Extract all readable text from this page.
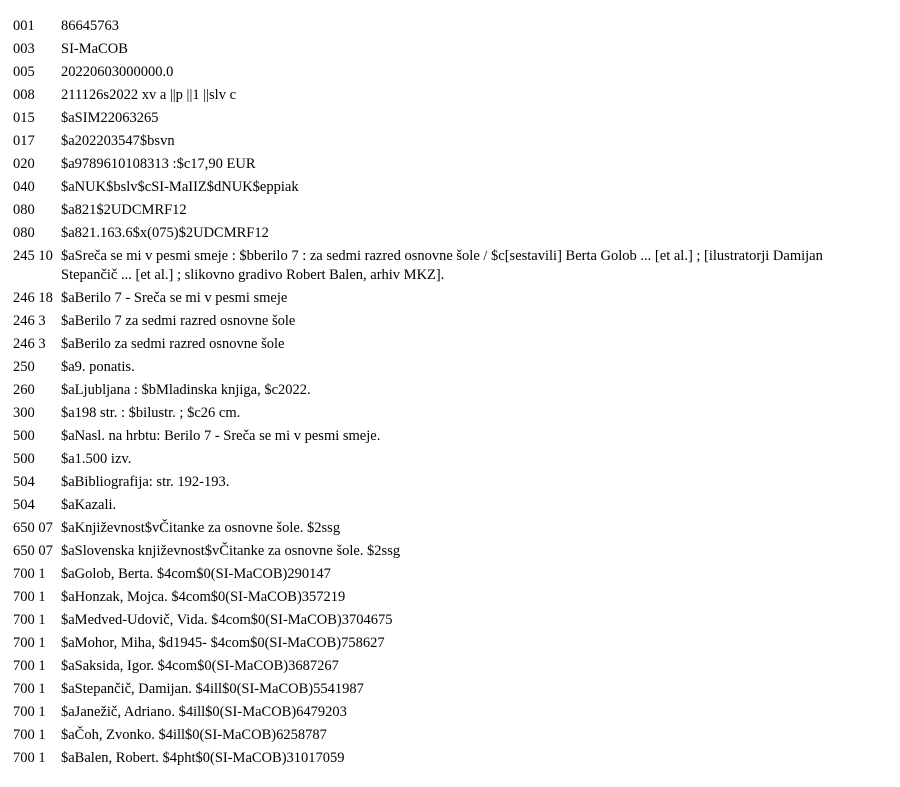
001	86645763
003	SI-MaCOB
005	20220603000000.0
008	211126s2022 xv a ||p ||1 ||slv c
015	$aSIM22063265
017	$a202203547$bsvn
020	$a9789610108313 :$c17,90 EUR
040	$aNUK$bslv$cSI-MaIIZ$dNUK$eppiak
080	$a821$2UDCMRF12
080	$a821.163.6$x(075)$2UDCMRF12
245 10 $aSreča se mi v pesmi smeje : $bberilo 7 : za sedmi razred osnovne šole / $c[sestavili] Berta Golob ... [et al.] ; [ilustratorji Damijan Stepančič ... [et al.] ; slikovno gradivo Robert Balen, arhiv MKZ].
246 18 $aBerilo 7 - Sreča se mi v pesmi smeje
246 3	$aBerilo 7 za sedmi razred osnovne šole
246 3	$aBerilo za sedmi razred osnovne šole
250	$a9. ponatis.
260	$aLjubljana : $bMladinska knjiga, $c2022.
300	$a198 str. : $bilustr. ; $c26 cm.
500	$aNasl. na hrbtu: Berilo 7 - Sreča se mi v pesmi smeje.
500	$a1.500 izv.
504	$aBibliografija: str. 192-193.
504	$aKazali.
650 07 $aKnjiževnost$vČitanke za osnovne šole. $2ssg
650 07 $aSlovenska književnost$vČitanke za osnovne šole. $2ssg
700 1	$aGolob, Berta. $4com$0(SI-MaCOB)290147
700 1	$aHonzak, Mojca. $4com$0(SI-MaCOB)357219
700 1	$aMedved-Udovič, Vida. $4com$0(SI-MaCOB)3704675
700 1	$aMohor, Miha, $d1945- $4com$0(SI-MaCOB)758627
700 1	$aSaksida, Igor. $4com$0(SI-MaCOB)3687267
700 1	$aStepančič, Damijan. $4ill$0(SI-MaCOB)5541987
700 1	$aJanežič, Adriano. $4ill$0(SI-MaCOB)6479203
700 1	$aČoh, Zvonko. $4ill$0(SI-MaCOB)6258787
700 1	$aBalen, Robert. $4pht$0(SI-MaCOB)31017059
